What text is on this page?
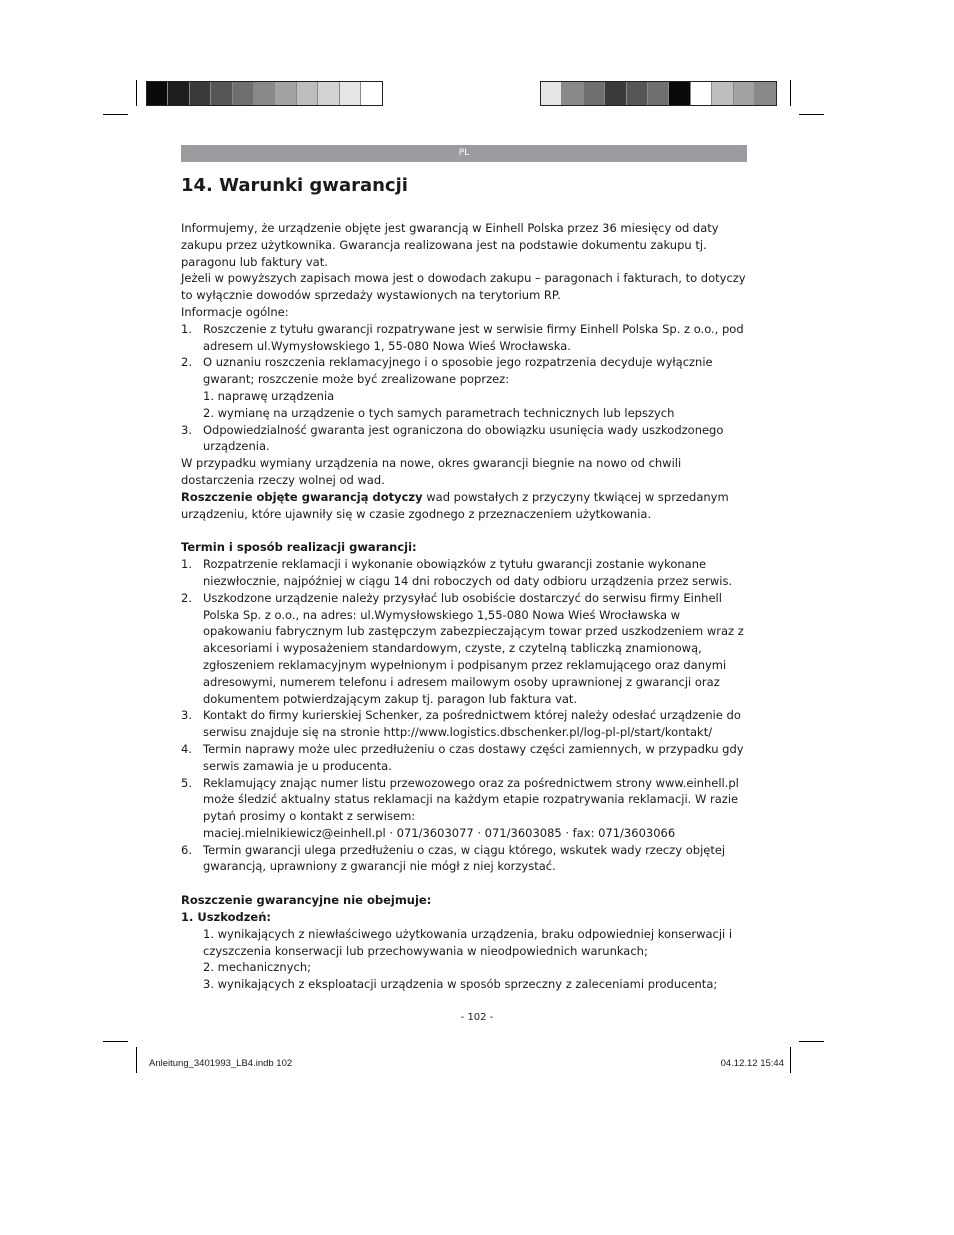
PL
14. Warunki gwarancji

Informujemy, że urządzenie objęte jest gwarancją w Einhell Polska przez 36 miesięcy od daty zakupu przez użytkownika. Gwarancja realizowana jest na podstawie dokumentu zakupu tj. paragonu lub faktury vat.

Jeżeli w powyższych zapisach mowa jest o dowodach zakupu – paragonach i fakturach, to dotyczy to wyłącznie dowodów sprzedaży wystawionych na terytorium RP.

Informacje ogólne:

1. Roszczenie z tytułu gwarancji rozpatrywane jest w serwisie firmy Einhell Polska Sp. z o.o., pod adresem ul.Wymysłowskiego 1, 55-080 Nowa Wieś Wrocławska.
2. O uznaniu roszczenia reklamacyjnego i o sposobie jego rozpatrzenia decyduje wyłącznie gwarant; roszczenie może być zrealizowane poprzez:
1. naprawę urządzenia
2. wymianę na urządzenie o tych samych parametrach technicznych lub lepszych
3. Odpowiedzialność gwaranta jest ograniczona do obowiązku usunięcia wady uszkodzonego urządzenia.

W przypadku wymiany urządzenia na nowe, okres gwarancji biegnie na nowo od chwili dostarczenia rzeczy wolnej od wad.

Roszczenie objęte gwarancją dotyczy wad powstałych z przyczyny tkwiącej w sprzedanym urządzeniu, które ujawniły się w czasie zgodnego z przeznaczeniem użytkowania.

Termin i sposób realizacji gwarancji:

1. Rozpatrzenie reklamacji i wykonanie obowiązków z tytułu gwarancji zostanie wykonane niezwłocznie, najpóźniej w ciągu 14 dni roboczych od daty odbioru urządzenia przez serwis.
2. Uszkodzone urządzenie należy przysyłać lub osobiście dostarczyć do serwisu firmy Einhell Polska Sp. z o.o., na adres: ul.Wymysłowskiego 1,55-080 Nowa Wieś Wrocławska w opakowaniu fabrycznym lub zastępczym zabezpieczającym towar przed uszkodzeniem wraz z akcesoriami i wyposażeniem standardowym, czyste, z czytelną tabliczką znamionową, zgłoszeniem reklamacyjnym wypełnionym i podpisanym przez reklamującego oraz danymi adresowymi, numerem telefonu i adresem mailowym osoby uprawnionej z gwarancji oraz dokumentem potwierdzającym zakup tj. paragon lub faktura vat.
3. Kontakt do firmy kurierskiej Schenker, za pośrednictwem której należy odesłać urządzenie do serwisu znajduje się na stronie http://www.logistics.dbschenker.pl/log-pl-pl/start/kontakt/
4. Termin naprawy może ulec przedłużeniu o czas dostawy części zamiennych, w przypadku gdy serwis zamawia je u producenta.
5. Reklamujący znając numer listu przewozowego oraz za pośrednictwem strony www.einhell.pl może śledzić aktualny status reklamacji na każdym etapie rozpatrywania reklamacji. W razie pytań prosimy o kontakt z serwisem:
maciej.mielnikiewicz@einhell.pl · 071/3603077 · 071/3603085 · fax: 071/3603066
6. Termin gwarancji ulega przedłużeniu o czas, w ciągu którego, wskutek wady rzeczy objętej gwarancją, uprawniony z gwarancji nie mógł z niej korzystać.

Roszczenie gwarancyjne nie obejmuje:

1. Uszkodzeń:

1. wynikających z niewłaściwego użytkowania urządzenia, braku odpowiedniej konserwacji i czyszczenia konserwacji lub przechowywania w nieodpowiednich warunkach;

2. mechanicznych;

3. wynikających z eksploatacji urządzenia w sposób sprzeczny z zaleceniami producenta;

- 102 -
Anleitung_3401993_LB4.indb 102	04.12.12 15:44
